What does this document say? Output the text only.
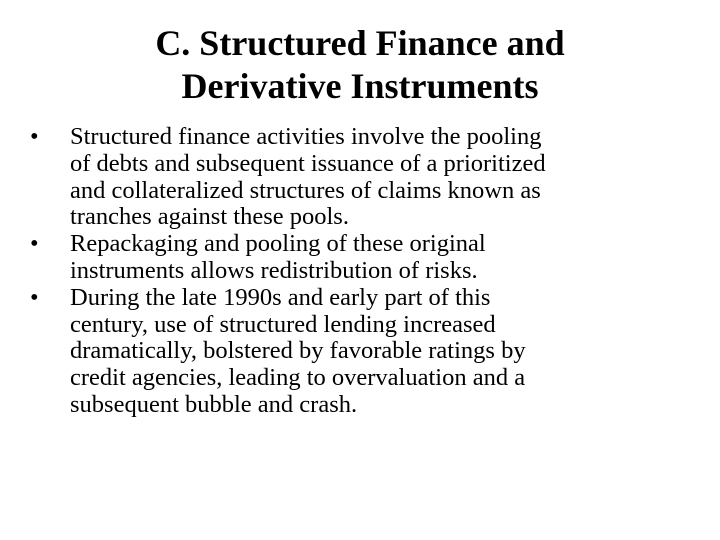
C. Structured Finance and
Derivative Instruments
•	Structured finance activities involve the pooling
of debts and subsequent issuance of a prioritized
and collateralized structures of claims known as
tranches against these pools.
•	Repackaging and pooling of these original
instruments allows redistribution of risks.
•	During the late 1990s and early part of this
century, use of structured lending increased
dramatically, bolstered by favorable ratings by
credit agencies, leading to overvaluation and a
subsequent bubble and crash.
